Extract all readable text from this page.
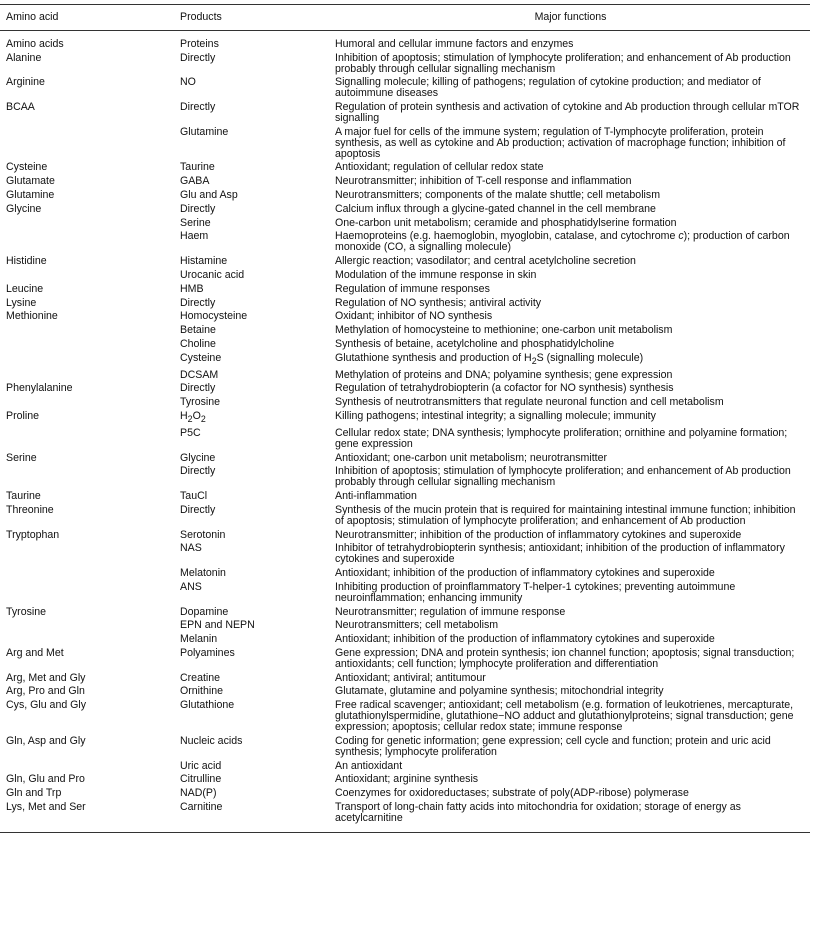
Amino acid	Products	Major functions
Amino acids	Proteins	Humoral and cellular immune factors and enzymes
Alanine	Directly	Inhibition of apoptosis; stimulation of lymphocyte proliferation; and enhancement of Ab production probably through cellular signalling mechanism
Arginine	NO	Signalling molecule; killing of pathogens; regulation of cytokine production; and mediator of autoimmune diseases
BCAA	Directly	Regulation of protein synthesis and activation of cytokine and Ab production through cellular mTOR signalling
	Glutamine	A major fuel for cells of the immune system; regulation of T-lymphocyte proliferation, protein synthesis, as well as cytokine and Ab production; activation of macrophage function; inhibition of apoptosis
Cysteine	Taurine	Antioxidant; regulation of cellular redox state
Glutamate	GABA	Neurotransmitter; inhibition of T-cell response and inflammation
Glutamine	Glu and Asp	Neurotransmitters; components of the malate shuttle; cell metabolism
Glycine	Directly	Calcium influx through a glycine-gated channel in the cell membrane
	Serine	One-carbon unit metabolism; ceramide and phosphatidylserine formation
	Haem	Haemoproteins (e.g. haemoglobin, myoglobin, catalase, and cytochrome c); production of carbon monoxide (CO, a signalling molecule)
Histidine	Histamine	Allergic reaction; vasodilator; and central acetylcholine secretion
	Urocanic acid	Modulation of the immune response in skin
Leucine	HMB	Regulation of immune responses
Lysine	Directly	Regulation of NO synthesis; antiviral activity
Methionine	Homocysteine	Oxidant; inhibitor of NO synthesis
	Betaine	Methylation of homocysteine to methionine; one-carbon unit metabolism
	Choline	Synthesis of betaine, acetylcholine and phosphatidylcholine
	Cysteine	Glutathione synthesis and production of $H_2S$ (signalling molecule)
	DCSAM	Methylation of proteins and DNA; polyamine synthesis; gene expression
Phenylalanine	Directly	Regulation of tetrahydrobiopterin (a cofactor for NO synthesis) synthesis
	Tyrosine	Synthesis of neutrotransmitters that regulate neuronal function and cell metabolism
Proline	$H_2O_2$	Killing pathogens; intestinal integrity; a signalling molecule; immunity
	P5C	Cellular redox state; DNA synthesis; lymphocyte proliferation; ornithine and polyamine formation; gene expression
Serine	Glycine	Antioxidant; one-carbon unit metabolism; neurotransmitter
	Directly	Inhibition of apoptosis; stimulation of lymphocyte proliferation; and enhancement of Ab production probably through cellular signalling mechanism
Taurine	TauCl	Anti-inflammation
Threonine	Directly	Synthesis of the mucin protein that is required for maintaining intestinal immune function; inhibition of apoptosis; stimulation of lymphocyte proliferation; and enhancement of Ab production
Tryptophan	Serotonin	Neurotransmitter; inhibition of the production of inflammatory cytokines and superoxide
	NAS	Inhibitor of tetrahydrobiopterin synthesis; antioxidant; inhibition of the production of inflammatory cytokines and superoxide
	Melatonin	Antioxidant; inhibition of the production of inflammatory cytokines and superoxide
	ANS	Inhibiting production of proinflammatory T-helper-1 cytokines; preventing autoimmune neuroinflammation; enhancing immunity
Tyrosine	Dopamine	Neurotransmitter; regulation of immune response
	EPN and NEPN	Neurotransmitters; cell metabolism
	Melanin	Antioxidant; inhibition of the production of inflammatory cytokines and superoxide
Arg and Met	Polyamines	Gene expression; DNA and protein synthesis; ion channel function; apoptosis; signal transduction; antioxidants; cell function; lymphocyte proliferation and differentiation
Arg, Met and Gly	Creatine	Antioxidant; antiviral; antitumour
Arg, Pro and Gln	Ornithine	Glutamate, glutamine and polyamine synthesis; mitochondrial integrity
Cys, Glu and Gly	Glutathione	Free radical scavenger; antioxidant; cell metabolism (e.g. formation of leukotrienes, mercapturate, glutathionylspermidine, glutathione−NO adduct and glutathionylproteins; signal transduction; gene expression; apoptosis; cellular redox state; immune response
Gln, Asp and Gly	Nucleic acids	Coding for genetic information; gene expression; cell cycle and function; protein and uric acid synthesis; lymphocyte proliferation
	Uric acid	An antioxidant
Gln, Glu and Pro	Citrulline	Antioxidant; arginine synthesis
Gln and Trp	NAD(P)	Coenzymes for oxidoreductases; substrate of poly(ADP-ribose) polymerase
Lys, Met and Ser	Carnitine	Transport of long-chain fatty acids into mitochondria for oxidation; storage of energy as acetylcarnitine
